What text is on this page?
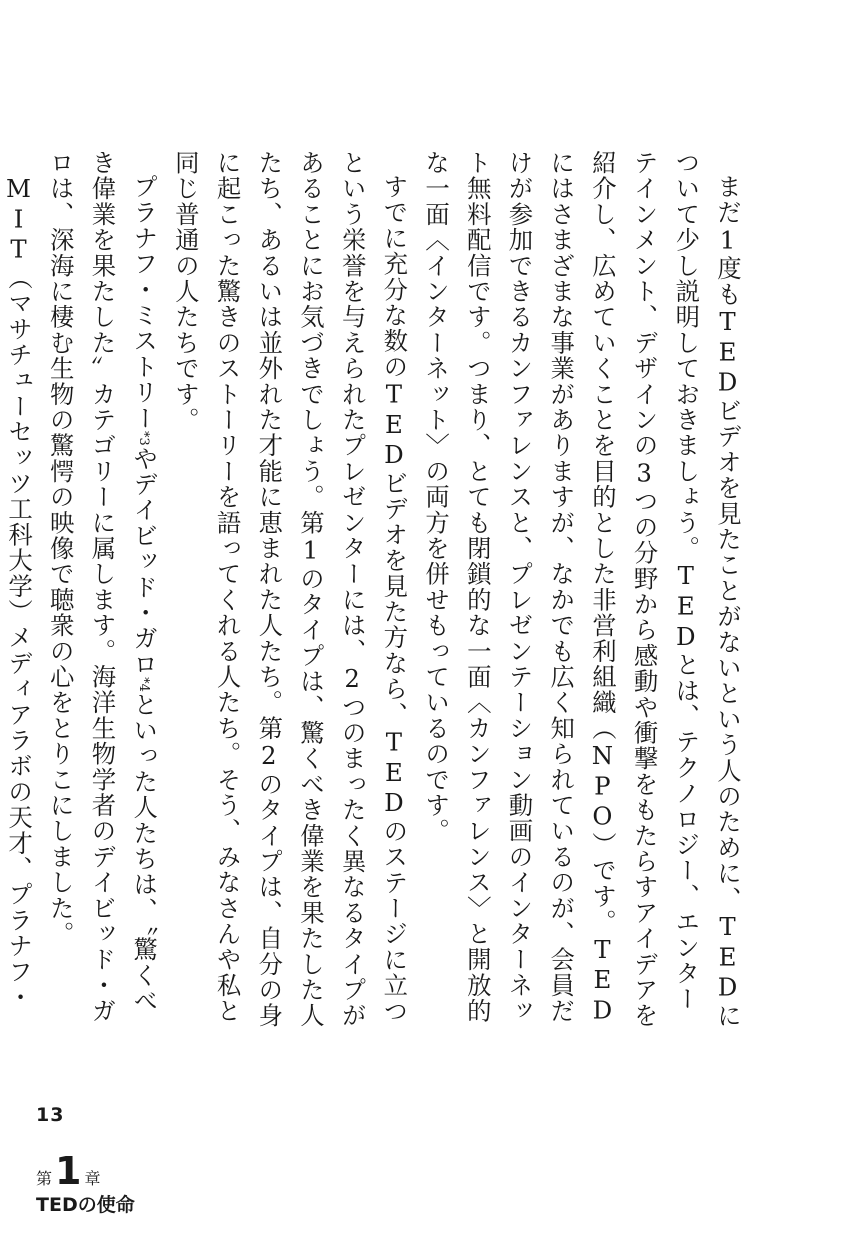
まだ1度もTEDビデオを見たことがないという人のために、TEDについて少し説明しておきましょう。TEDとは、テクノロジー、エンターテインメント、デザインの3つの分野から感動や衝撃をもたらすアイデアを紹介し、広めていくことを目的とした非営利組織（NPO）です。TEDにはさまざまな事業がありますが、なかでも広く知られているのが、会員だけが参加できるカンファレンスと、プレゼンテーション動画のインターネット無料配信です。つまり、とても閉鎖的な一面〈カンファレンス〉と開放的な一面〈インターネット〉の両方を併せもっているのです。

すでに充分な数のTEDビデオを見た方なら、TEDのステージに立つという栄誉を与えられたプレゼンターには、2つのまったく異なるタイプがあることにお気づきでしょう。第1のタイプは、驚くべき偉業を果たした人たち、あるいは並外れた才能に恵まれた人たち。第2のタイプは、自分の身に起こった驚きのストーリーを語ってくれる人たち。そう、みなさんや私と同じ普通の人たちです。

プラナフ・ミストリー$^{*3}$やデイビッド・ガロ$^{*4}$といった人たちは、〝驚くべき偉業を果たした〟カテゴリーに属します。海洋生物学者のデイビッド・ガロは、深海に棲む生物の驚愕の映像で聴衆の心をとりこにしました。

MIT（マサチューセッツ工科大学）メディアラボの天才、プラナフ・

13
第1 章
TEDの使命
